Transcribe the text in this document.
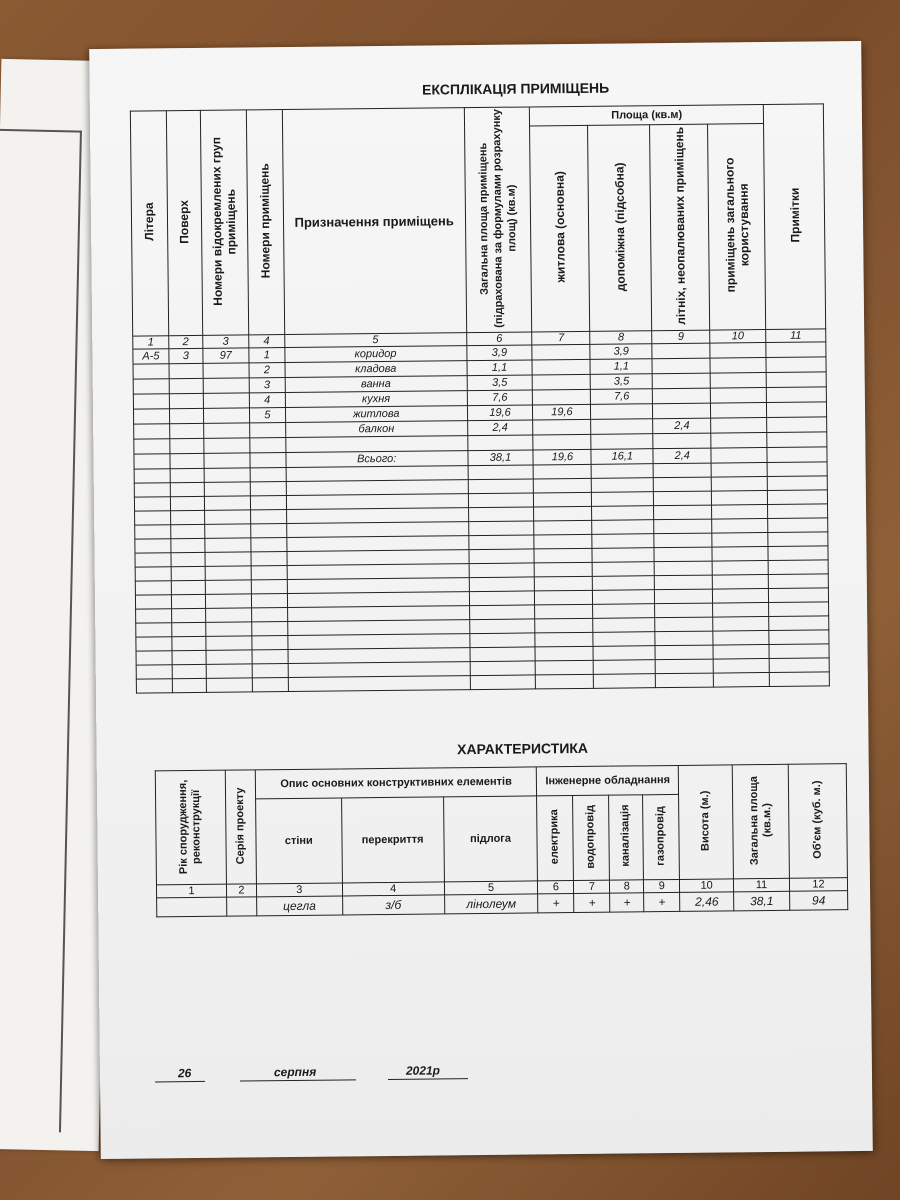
ЕКСПЛІКАЦІЯ ПРИМІЩЕНЬ
Літера	Поверх	Номери відокремлених груп приміщень	Номери приміщень	Призначення приміщень	Загальна площа приміщень (підрахована за формулами розрахунку площ) (кв.м)	Площа (кв.м)				Примітки
						житлова (основна)	допоміжна (підсобна)	літніх, неопалюваних приміщень	приміщень загального користування	
1	2	3	4	5	6	7	8	9	10	11
А-5	3	97	1	коридор	3,9		3,9			
			2	кладова	1,1		1,1			
			3	ванна	3,5		3,5			
			4	кухня	7,6		7,6			
			5	житлова	19,6	19,6				
				балкон	2,4			2,4		

				Всього:	38,1	19,6	16,1	2,4		

ХАРАКТЕРИСТИКА
Рік спорудження, реконструкції	Серія проекту	Опис основних конструктивних елементів			Інженерне обладнання				Висота (м.)	Загальна площа (кв.м.)	Об'єм (куб. м.)
		стіни	перекриття	підлога	електрика	водопровід	каналізація	газопровід			
1	2	3	4	5	6	7	8	9	10	11	12
		цегла	з/б	лінолеум	+	+	+	+	2,46	38,1	94
26	серпня	2021р
